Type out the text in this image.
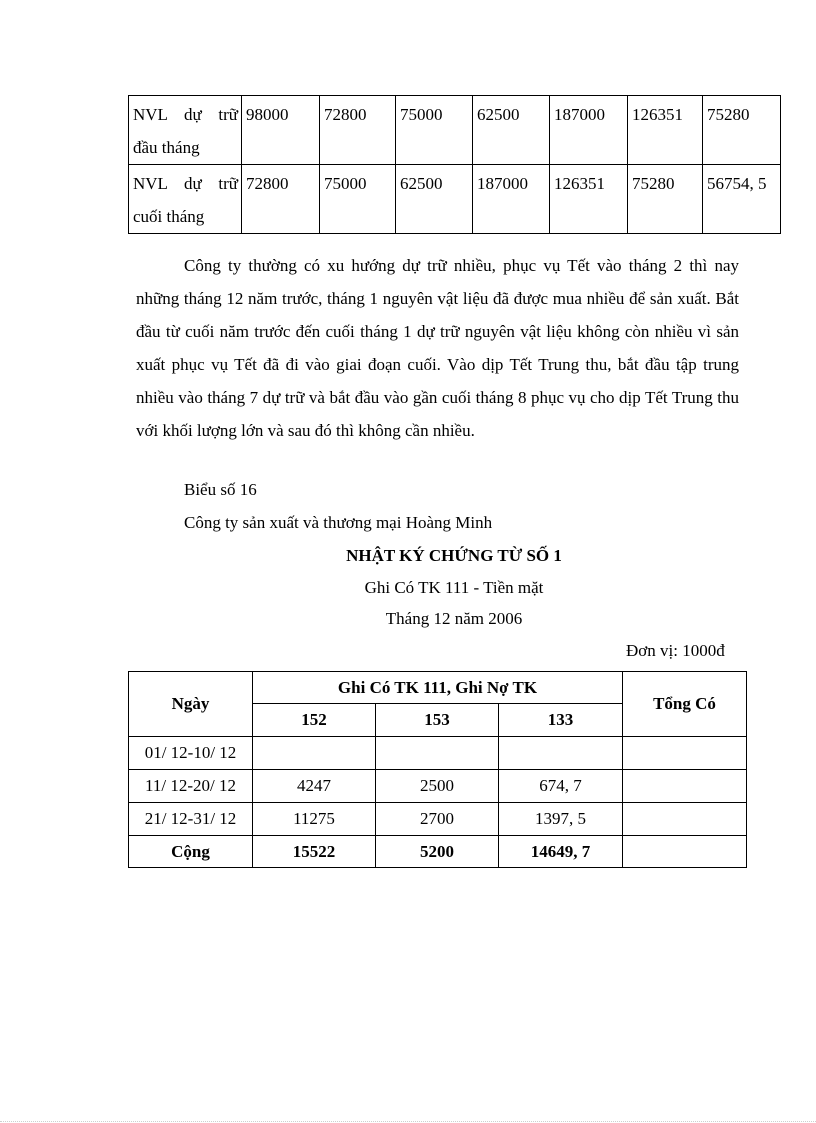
NVL dự trữ đầu tháng	98000	72800	75000	62500	187000	126351	75280
NVL dự trữ cuối tháng	72800	75000	62500	187000	126351	75280	56754, 5

Công ty thường có xu hướng dự trữ nhiều, phục vụ Tết vào tháng 2 thì nay những tháng 12 năm trước, tháng 1 nguyên vật liệu đã được mua nhiều để sản xuất. Bắt đầu từ cuối năm trước đến cuối tháng 1 dự trữ nguyên vật liệu không còn nhiều vì sản xuất phục vụ Tết đã đi vào giai đoạn cuối. Vào dịp Tết Trung thu, bắt đầu tập trung nhiều vào tháng 7 dự trữ và bắt đầu vào gần cuối tháng 8 phục vụ cho dịp Tết Trung thu với khối lượng lớn và sau đó thì không cần nhiều.

Biểu số 16

Công ty sản xuất và thương mại Hoàng Minh

NHẬT KÝ CHỨNG TỪ SỐ 1
Ghi Có TK 111 - Tiền mặt
Tháng 12 năm 2006

Đơn vị: 1000đ

Ngày	Ghi Có TK 111, Ghi Nợ TK			Tổng Có
	152	153	133	
01/ 12-10/ 12				
11/ 12-20/ 12	4247	2500	674, 7	
21/ 12-31/ 12	11275	2700	1397, 5	
Cộng	15522	5200	14649, 7	
